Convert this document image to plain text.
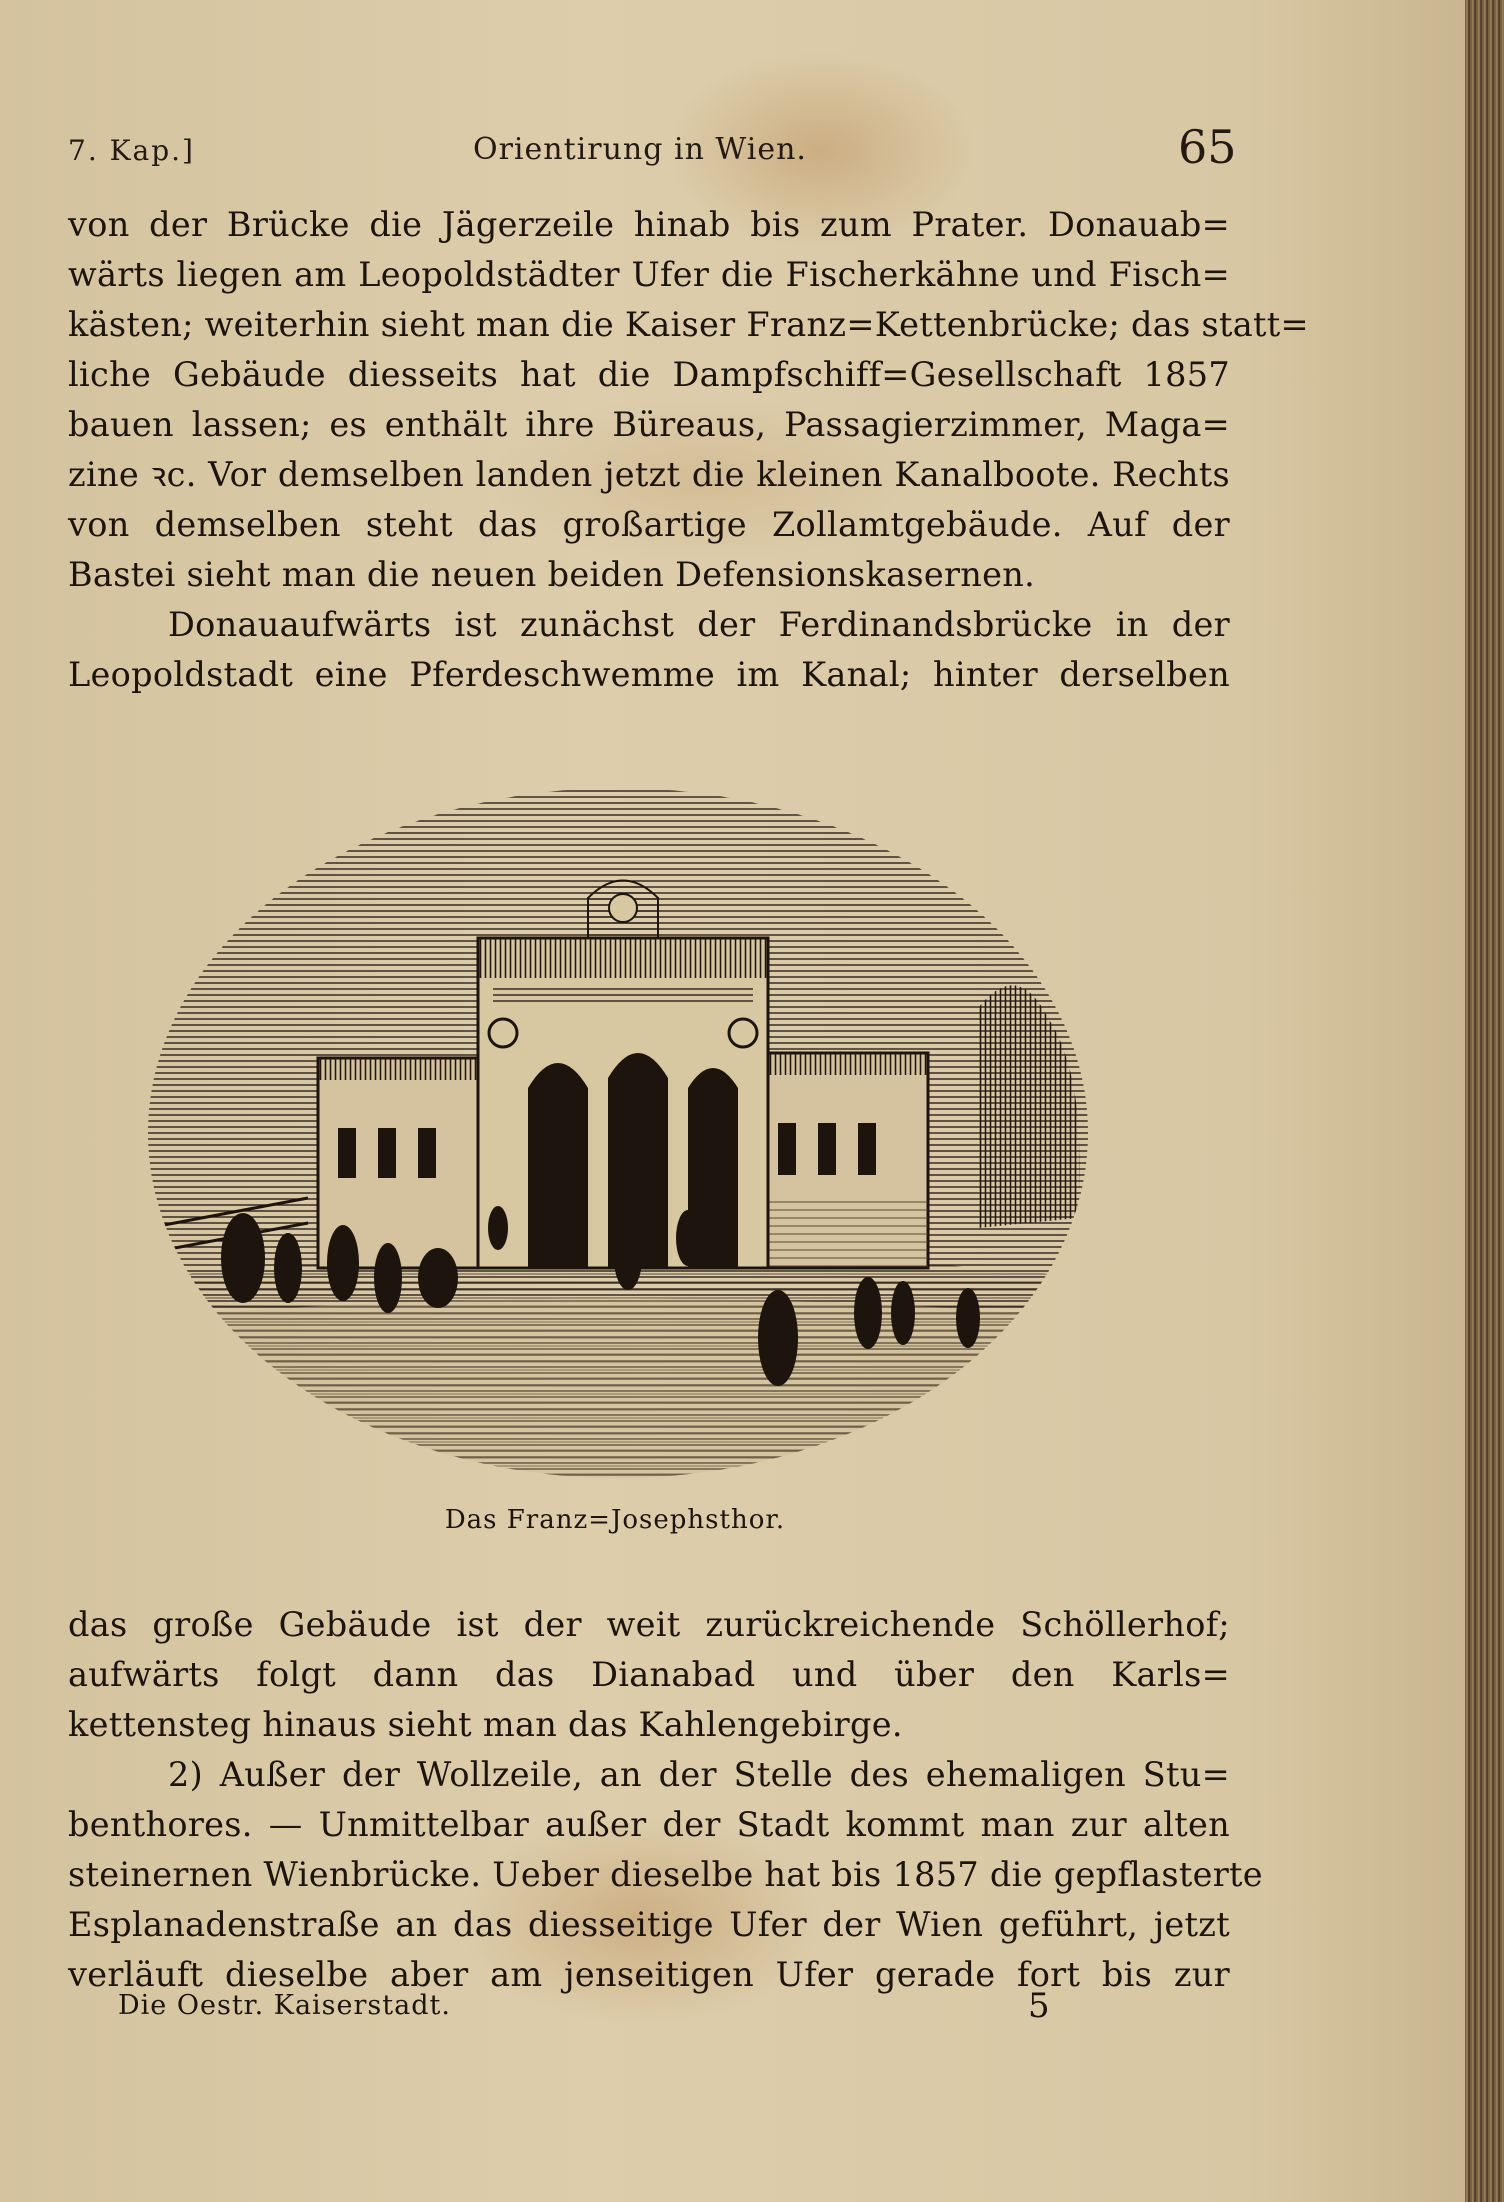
7. Kap.]	Orientirung in Wien.	65
von der Brücke die Jägerzeile hinab bis zum Prater. Donauab=
wärts liegen am Leopoldstädter Ufer die Fischerkähne und Fisch=
kästen; weiterhin sieht man die Kaiser Franz=Kettenbrücke; das statt=
liche Gebäude diesseits hat die Dampfschiff=Gesellschaft 1857
bauen lassen; es enthält ihre Büreaus, Passagierzimmer, Maga=
zine ꝛc. Vor demselben landen jetzt die kleinen Kanalboote. Rechts
von demselben steht das großartige Zollamtgebäude. Auf der
Bastei sieht man die neuen beiden Defensionskasernen.
Donauaufwärts ist zunächst der Ferdinandsbrücke in der
Leopoldstadt eine Pferdeschwemme im Kanal; hinter derselben
Das Franz=Josephsthor.
das große Gebäude ist der weit zurückreichende Schöllerhof;
aufwärts folgt dann das Dianabad und über den Karls=
kettensteg hinaus sieht man das Kahlengebirge.
2) Außer der Wollzeile, an der Stelle des ehemaligen Stu=
benthores. — Unmittelbar außer der Stadt kommt man zur alten
steinernen Wienbrücke. Ueber dieselbe hat bis 1857 die gepflasterte
Esplanadenstraße an das diesseitige Ufer der Wien geführt, jetzt
verläuft dieselbe aber am jenseitigen Ufer gerade fort bis zur
Die Oestr. Kaiserstadt.	5
